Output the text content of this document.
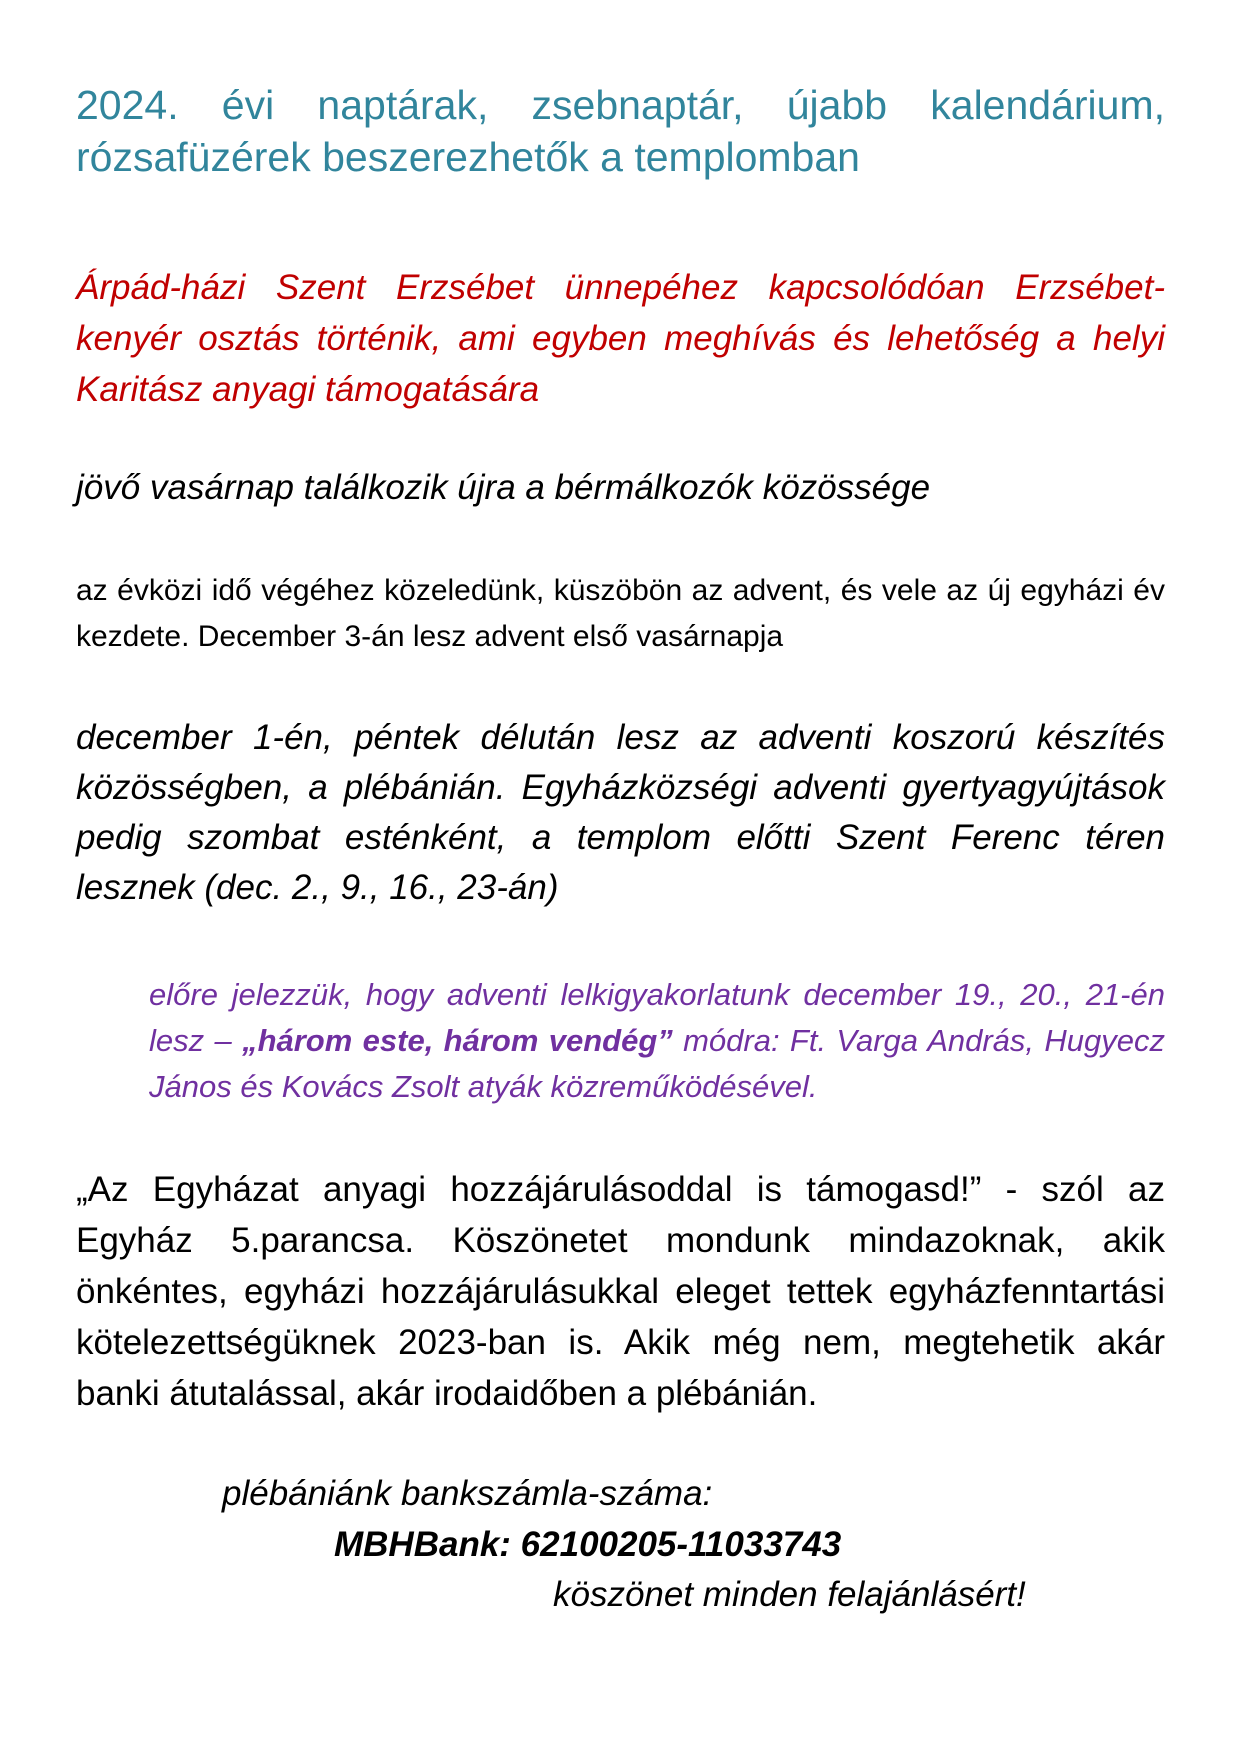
2024. évi naptárak, zsebnaptár, újabb kalendárium, rózsafüzérek beszerezhetők a templomban

Árpád-házi Szent Erzsébet ünnepéhez kapcsolódóan Erzsébet-kenyér osztás történik, ami egyben meghívás és lehetőség a helyi Karitász anyagi támogatására

jövő vasárnap találkozik újra a bérmálkozók közössége

az évközi idő végéhez közeledünk, küszöbön az advent, és vele az új egyházi év kezdete. December 3-án lesz advent első vasárnapja

december 1-én, péntek délután lesz az adventi koszorú készítés közösségben, a plébánián. Egyházközségi adventi gyertyagyújtások pedig szombat esténként, a templom előtti Szent Ferenc téren lesznek (dec. 2., 9., 16., 23-án)

előre jelezzük, hogy adventi lelkigyakorlatunk december 19., 20., 21-én lesz – „három este, három vendég” módra: Ft. Varga András, Hugyecz János és Kovács Zsolt atyák közreműködésével.

„Az Egyházat anyagi hozzájárulásoddal is támogasd!” - szól az Egyház 5.parancsa. Köszönetet mondunk mindazoknak, akik önkéntes, egyházi hozzájárulásukkal eleget tettek egyházfenntartási kötelezettségüknek 2023-ban is. Akik még nem, megtehetik akár banki átutalással, akár irodaidőben a plébánián.

plébániánk bankszámla-száma:
MBHBank: 62100205-11033743
köszönet minden felajánlásért!
